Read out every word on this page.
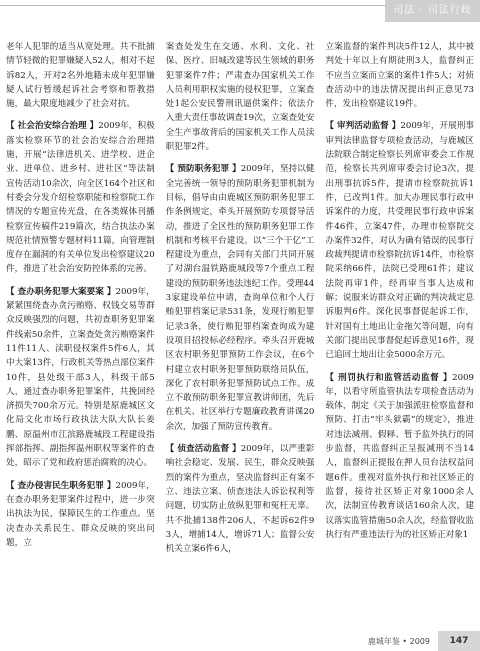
司法 · 司法行政

老年人犯罪的适当从宽处理。共不批捕情节轻微的犯罪嫌疑人52人，相对不起诉82人，开对2名外地籍未成年犯罪嫌疑人试行暂缓起诉社会考察和帮教措施，最大限度地减少了社会对抗。

【 社会治安综合治理 】2009年，积极落实检察环节的社会治安综合治理措施，开展“法律进机关、进学校、进企业、进单位、进乡村、进社区”等法制宣传活动10余次，向全区164个社区和村委会分发介绍检察职能和检察院工作情况的专题宣传光盘，在各类媒体刊播检察宣传稿件219篇次，结合执法办案规范社情预警专题材料11篇，向管理制度存在漏洞的有关单位发出检察建议20件，推进了社会治安防控体系的完善。

【 查办职务犯罪大案要案 】2009年，紧紧围绕查办贪污贿赂、权钱交易等群众反映强烈的问题，共初查职务犯罪案件线索50余件，立案查处贪污贿赂案件11件11人、渎职侵权案件5件6人，其中大案13件，行政机关等热点部位案件10件，县处级干部3人，科级干部5人，通过查办职务犯罪案件，共挽回经济损失700余万元。特别是原鹿城区文化局文化市场行政执法大队大队长姜鹏、原温州市江滨路鹿城段工程建设指挥部指挥、副指挥温州职权等案件的查处，昭示了党和政府惩治腐败的决心。

【 查办侵害民生职务犯罪 】2009年，在查办职务犯罪案件过程中，进一步突出执法为民，保障民生的工作重点。坚决查办关系民生、群众反映的突出问题，立

案查处发生在交通、水利、文化、社保、医疗、旧城改建等民生领域的职务犯罪案件7件；严肃查办国家机关工作人员利用职权实施的侵权犯罪，立案查处1起公安民警刑讯逼供案件；依法介入重大责任事故调查19次，立案查处安全生产事故背后的国家机关工作人员渎职犯罪2件。

【 预防职务犯罪 】2009年，坚持以健全完善统一领导的预防职务犯罪机制为目标，倡导由由鹿城区预防职务犯罪工作条例规定，牵头开展预防专项督导活动，推进了全区性的预防职务犯罪工作机制和考核平台建设。以“三个干亿”工程建设为重点，会同有关部门共同开展了对湖台温铁路鹿城段等7个重点工程建设的预防职务违法违纪工作。受理443家建设单位申请，查询单位和个人行贿犯罪档案记录531条，发现行贿犯罪记录3条，使行贿犯罪档案查询成为建设项目招投标必经程序。牵头召开鹿城区农村职务犯罪预防工作会议，在6个村建立农村职务犯罪预防联络员队伍，深化了农村职务犯罪预防试点工作。成立不敢预防职务犯罪宣教讲师团，先后在机关、社区举行专题廉政教育讲课20余次，加强了预防宣传教育。

【 侦查活动监督 】2009年，以严重影响社会稳定、发展、民生，群众反映强烈的案件为重点，坚决监督纠正有案不立、违法立案、侦查违法人诉讼权利等问题，切实防止放纵犯罪和冤枉无辜。共不批捕138件206人，不起诉62件93人，增捕14人，增诉71人；监督公安机关立案6件6人，

立案监督的案件判决5件12人，其中被判处十年以上有期徒刑3人，监督纠正不应当立案而立案的案件1件5人；对侦查活动中的违法情况提出纠正意见73件，发出检察建议19件。

【 审判活动监督 】2009年，开展刑事审判法律监督专项检查活动，与鹿城区法院联合制定检察长列席审委会工作规范，检察长共列席审委会讨论3次，提出刑事抗诉5件，提请市检察院抗诉1件，已改判1件。加大办理民事行政申诉案件的力度，共受理民事行政申诉案件46件，立案47件，办理市检察院交办案件32件，对认为确有错误的民事行政裁判提请市检察院抗诉14件，市检察院采纳66件，法院已受理61件；建议法院再审1件，经再审当事人达成和解；说服来访群众对正确的判决裁定息诉服判6件。深化民事督促起诉工作，针对国有土地出让金拖欠等问题，向有关部门提出民事督促起诉意见16件，现已追回土地出让金5000余万元。

【 刑罚执行和监管活动监督 】2009年，以看守所监管执法专项检查活动为载体，制定《关于加强派驻检察监督和预防、打击“牢头狱霸”的规定》，推进对违法减刑、假释、暂予监外执行的同步监督，共监督纠正呈报减刑不当14人，监督纠正提报在押人员台法权益问题6件。重视对监外执行和社区矫正的监督，接待社区矫正对象1000余人次，法制宣传教育谈话160余人次，建议落实监管措施50余人次，经监督收监执行有严重违法行为的社区矫正对象1

鹿城年鉴 • 2009	147
